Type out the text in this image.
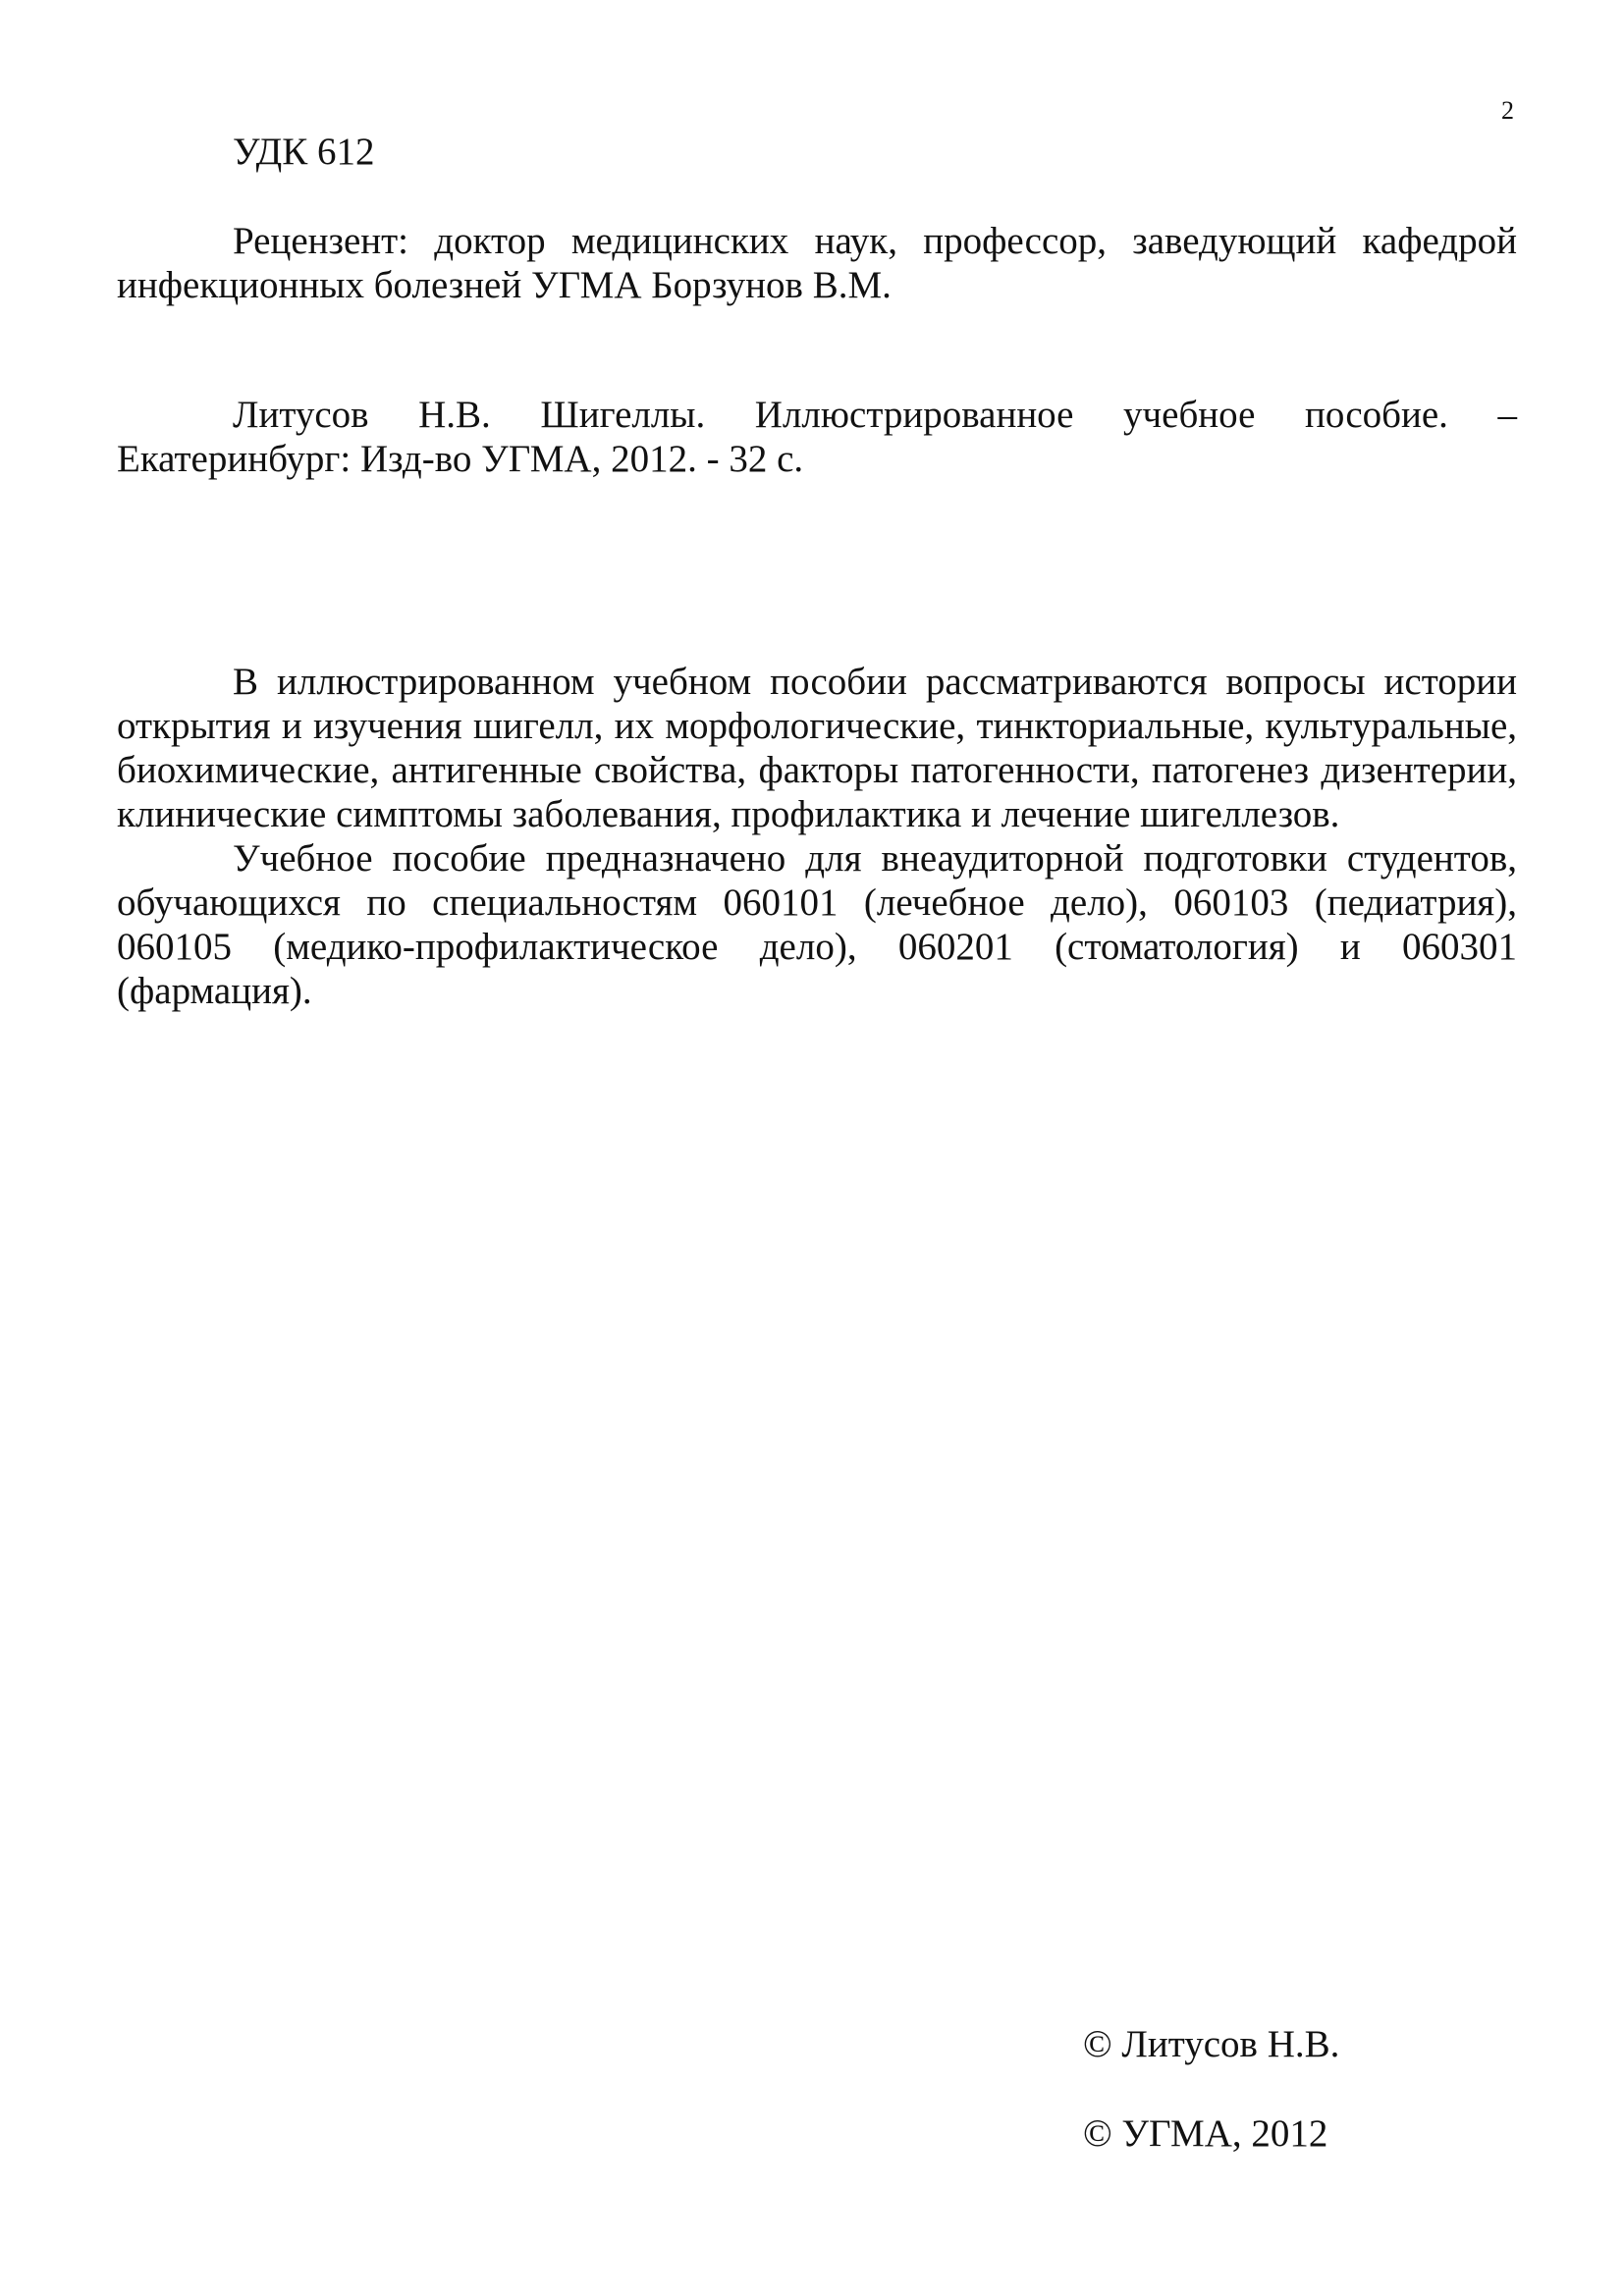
2
УДК 612
Рецензент: доктор медицинских наук, профессор, заведующий кафедрой инфекционных болезней УГМА Борзунов В.М.
Литусов Н.В. Шигеллы. Иллюстрированное учебное пособие. – Екатеринбург: Изд-во УГМА, 2012. - 32 с.

В иллюстрированном учебном пособии рассматриваются вопросы истории открытия и изучения шигелл, их морфологические, тинкториальные, культуральные, биохимические, антигенные свойства, факторы патогенности, патогенез дизентерии, клинические симптомы заболевания, профилактика и лечение шигеллезов.

Учебное пособие предназначено для внеаудиторной подготовки студентов, обучающихся по специальностям 060101 (лечебное дело), 060103 (педиатрия), 060105 (медико-профилактическое дело), 060201 (стоматология) и 060301 (фармация).

© Литусов Н.В.
© УГМА, 2012
